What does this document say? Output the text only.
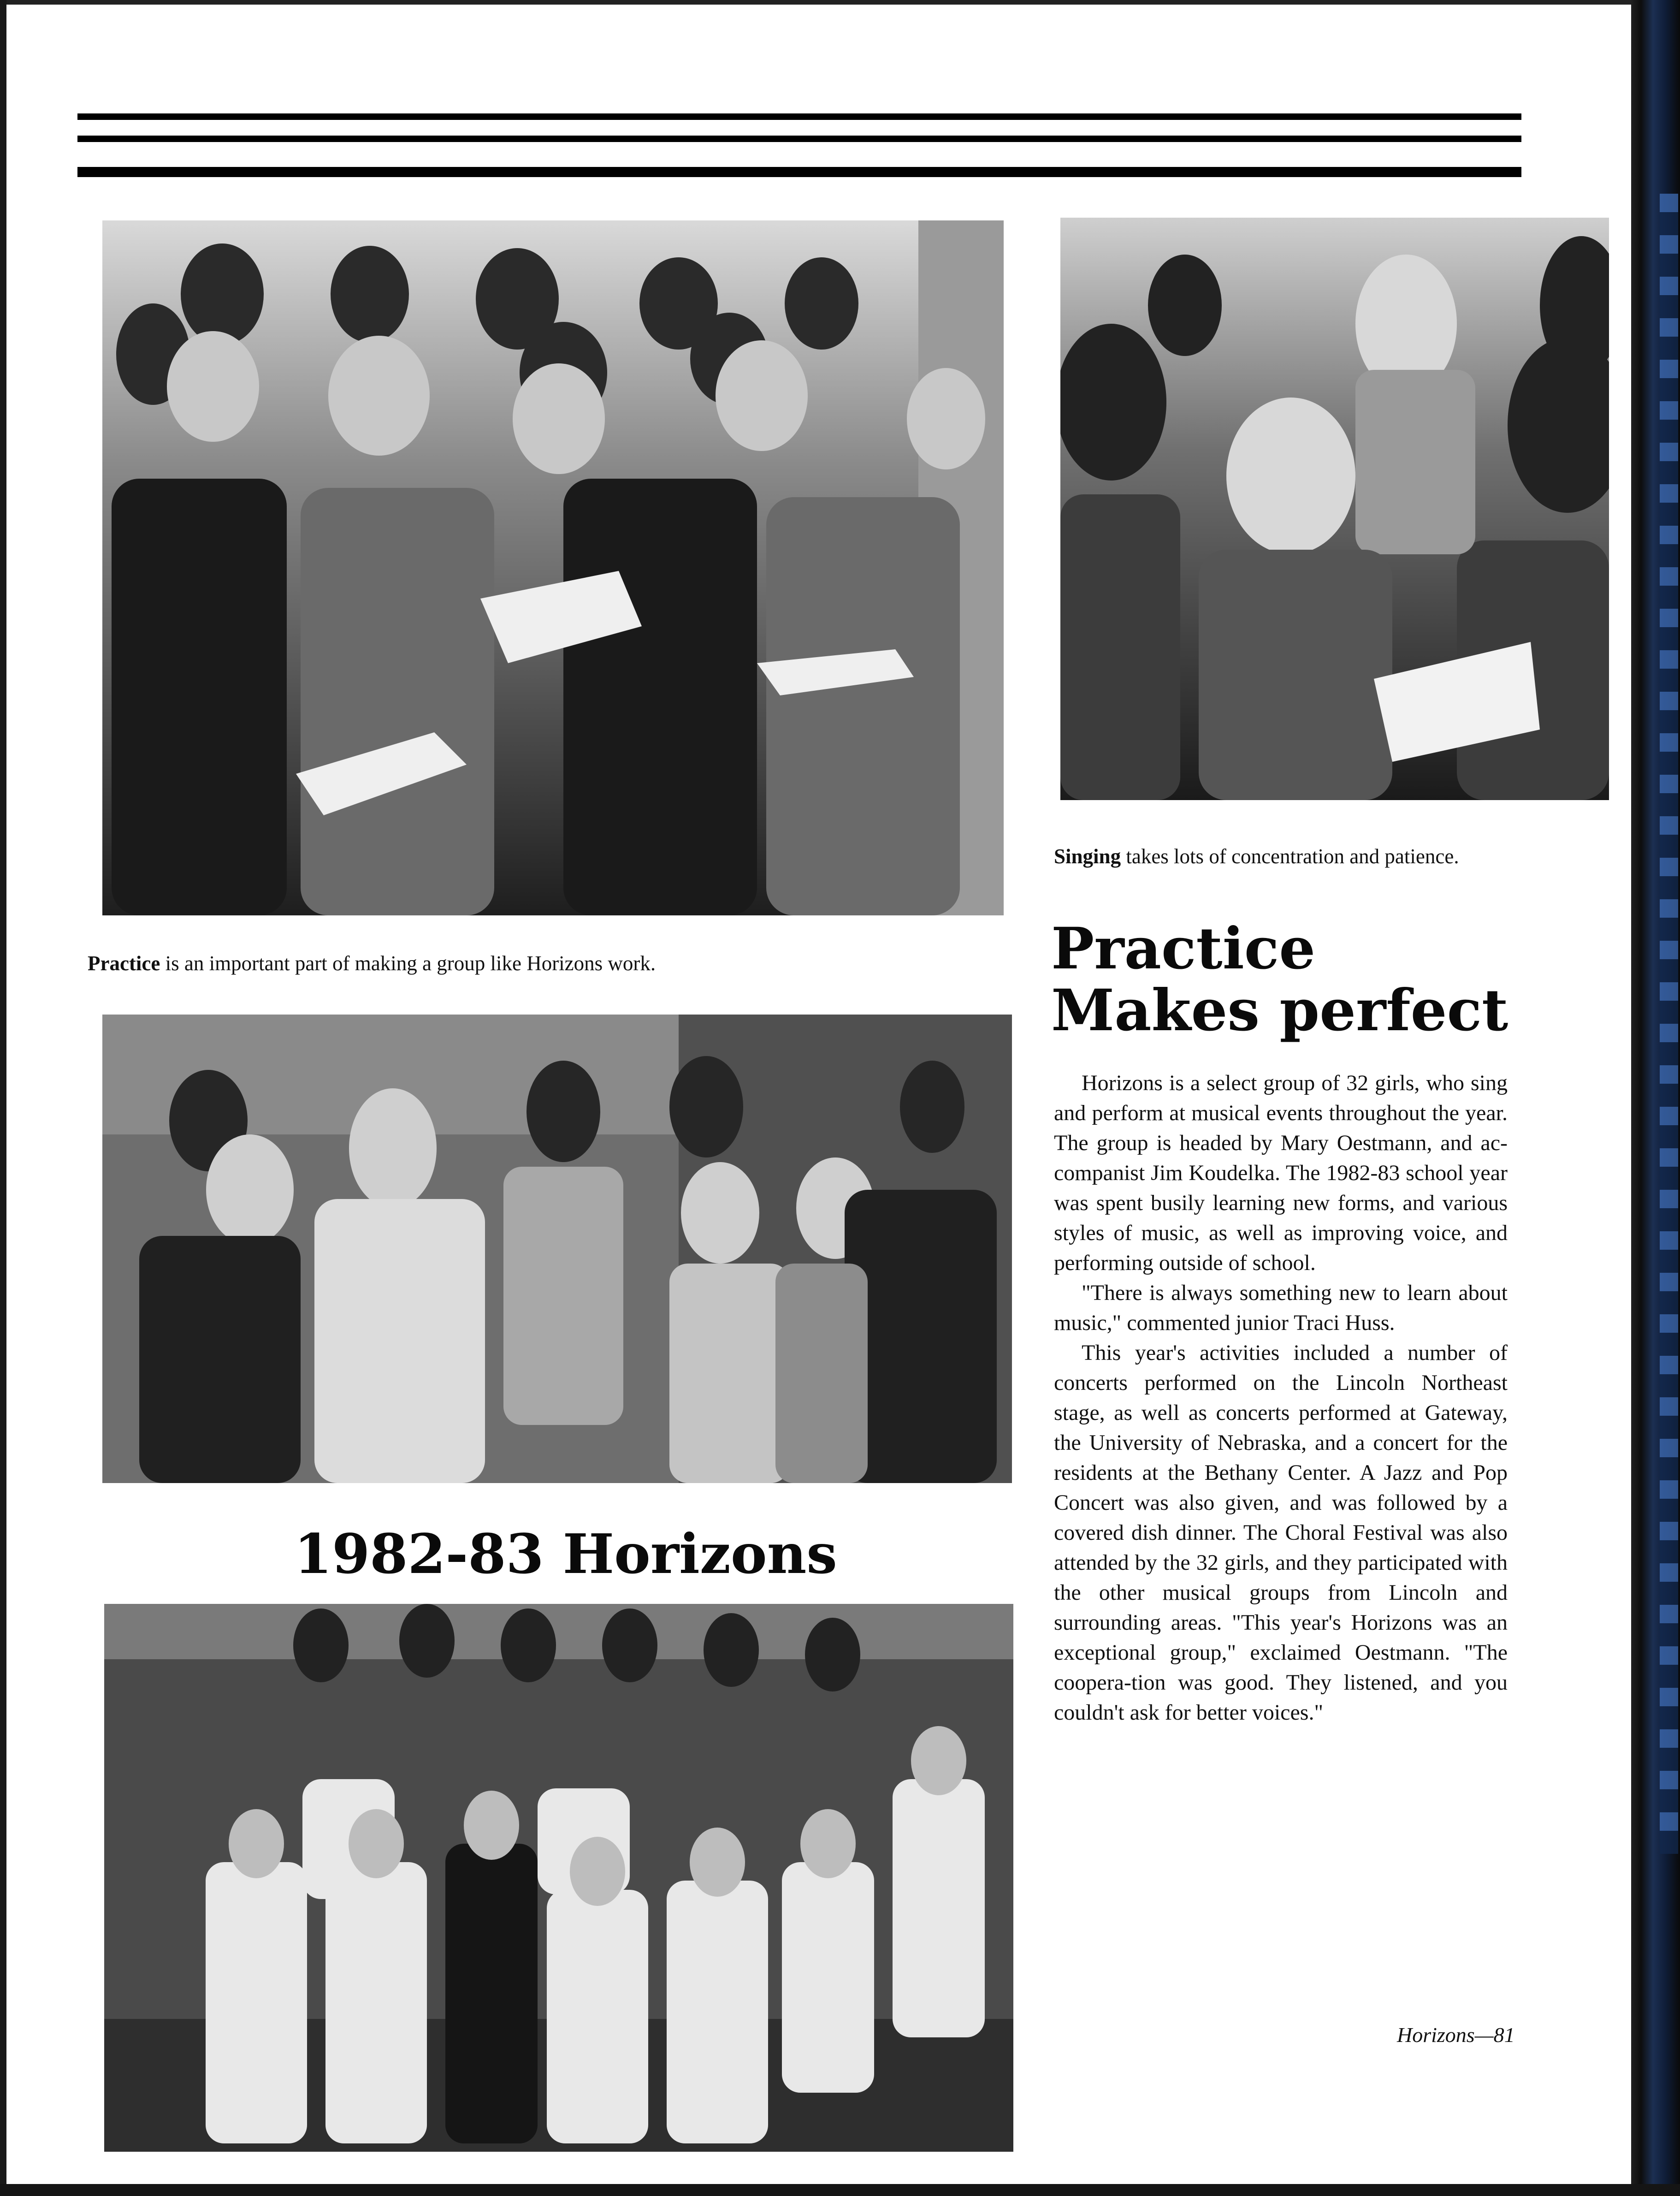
Singing takes lots of concentration and patience.
Practice is an important part of making a group like Horizons work.	Practice
Makes perfect
1982-83 Horizons

Horizons is a select group of 32 girls, who sing and perform at musical events throughout the year. The group is headed by Mary Oestmann, and ac-companist Jim Koudelka. The 1982-83 school year was spent busily learning new forms, and various styles of music, as well as improving voice, and performing outside of school.

"There is always something new to learn about music," commented junior Traci Huss.

This year's activities included a number of concerts performed on the Lincoln Northeast stage, as well as concerts performed at Gateway, the University of Nebraska, and a concert for the residents at the Bethany Center. A Jazz and Pop Concert was also given, and was followed by a covered dish dinner. The Choral Festival was also attended by the 32 girls, and they participated with the other musical groups from Lincoln and surrounding areas. "This year's Horizons was an exceptional group," exclaimed Oestmann. "The coopera-tion was good. They listened, and you couldn't ask for better voices."

Horizons—81
